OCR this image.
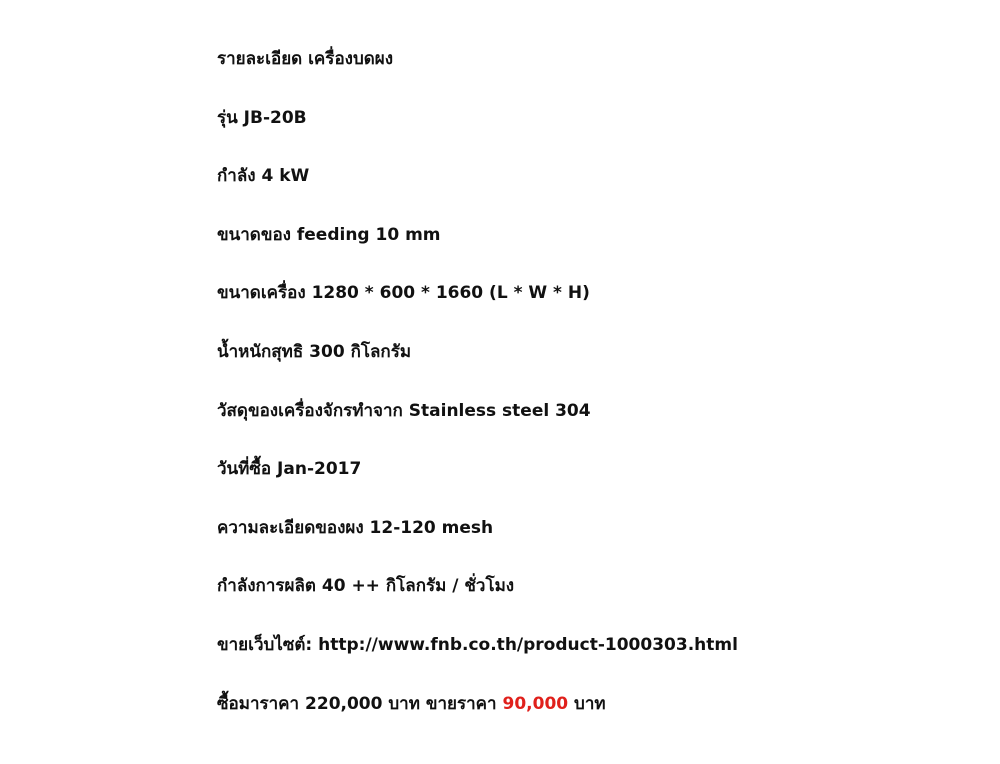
รายละเอียด เครื่องบดผง
รุ่น JB-20B
กำลัง 4 kW
ขนาดของ feeding 10 mm
ขนาดเครื่อง 1280 * 600 * 1660 (L * W * H)
น้ำหนักสุทธิ 300 กิโลกรัม
วัสดุของเครื่องจักรทำจาก Stainless steel 304
วันที่ซื้อ Jan-2017
ความละเอียดของผง 12-120 mesh
กำลังการผลิต 40 ++ กิโลกรัม / ชั่วโมง
ขายเว็บไซต์: http://www.fnb.co.th/product-1000303.html
ซื้อมาราคา 220,000 บาท ขายราคา 90,000 บาท
